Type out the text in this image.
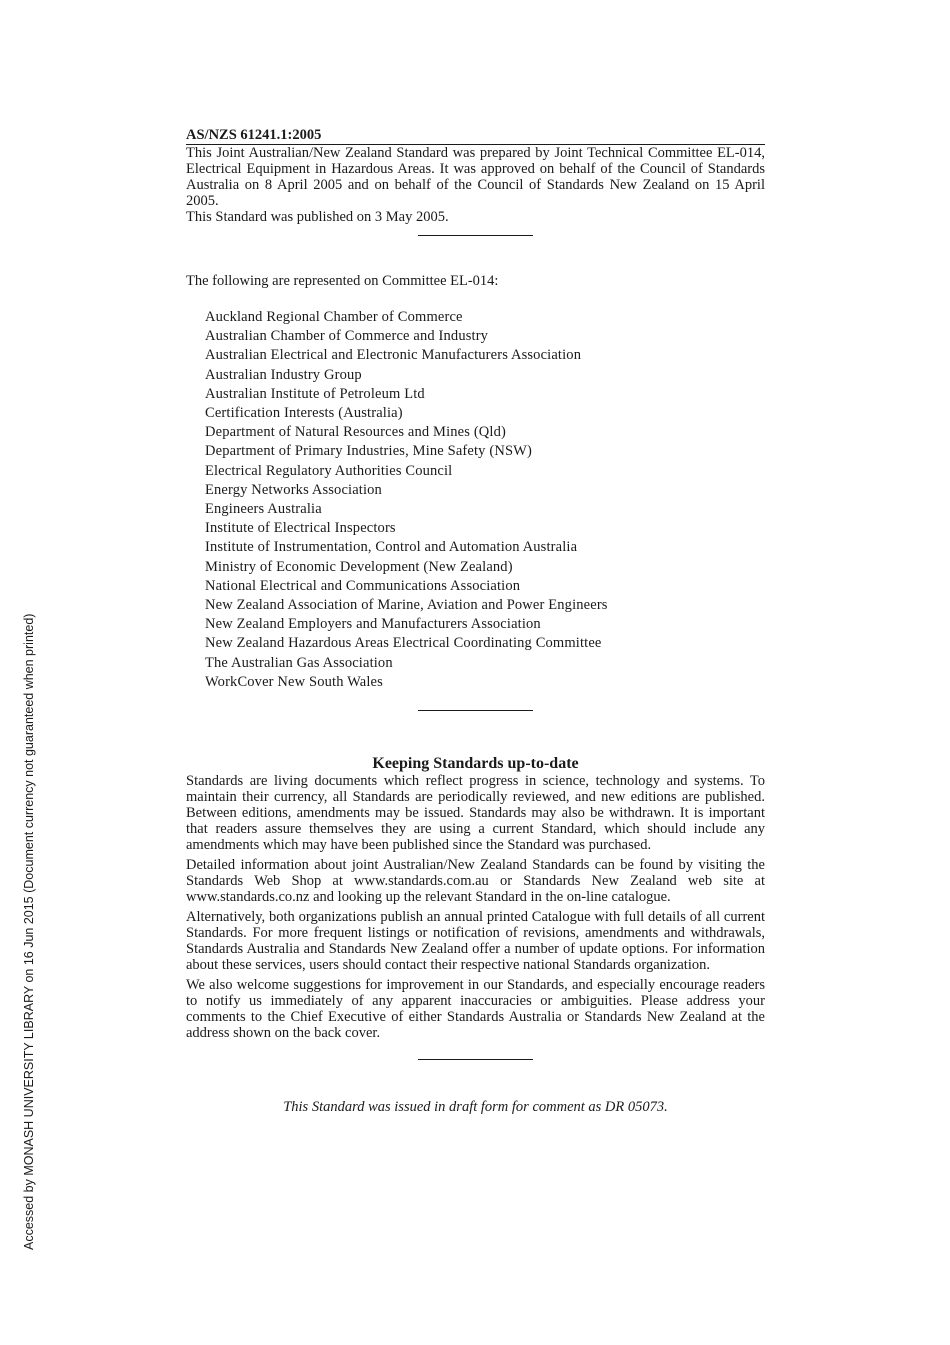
Accessed by MONASH UNIVERSITY LIBRARY on 16 Jun 2015 (Document currency not guaranteed when printed)
AS/NZS 61241.1:2005

This Joint Australian/New Zealand Standard was prepared by Joint Technical Committee EL-014, Electrical Equipment in Hazardous Areas. It was approved on behalf of the Council of Standards Australia on 8 April 2005 and on behalf of the Council of Standards New Zealand on 15 April 2005.

This Standard was published on 3 May 2005.

The following are represented on Committee EL-014:
Auckland Regional Chamber of Commerce
Australian Chamber of Commerce and Industry
Australian Electrical and Electronic Manufacturers Association
Australian Industry Group
Australian Institute of Petroleum Ltd
Certification Interests (Australia)
Department of Natural Resources and Mines (Qld)
Department of Primary Industries, Mine Safety (NSW)
Electrical Regulatory Authorities Council
Energy Networks Association
Engineers Australia
Institute of Electrical Inspectors
Institute of Instrumentation, Control and Automation Australia
Ministry of Economic Development (New Zealand)
National Electrical and Communications Association
New Zealand Association of Marine, Aviation and Power Engineers
New Zealand Employers and Manufacturers Association
New Zealand Hazardous Areas Electrical Coordinating Committee
The Australian Gas Association
WorkCover New South Wales
Keeping Standards up-to-date

Standards are living documents which reflect progress in science, technology and systems. To maintain their currency, all Standards are periodically reviewed, and new editions are published. Between editions, amendments may be issued. Standards may also be withdrawn. It is important that readers assure themselves they are using a current Standard, which should include any amendments which may have been published since the Standard was purchased.

Detailed information about joint Australian/New Zealand Standards can be found by visiting the Standards Web Shop at www.standards.com.au or Standards New Zealand web site at www.standards.co.nz and looking up the relevant Standard in the on-line catalogue.

Alternatively, both organizations publish an annual printed Catalogue with full details of all current Standards. For more frequent listings or notification of revisions, amendments and withdrawals, Standards Australia and Standards New Zealand offer a number of update options. For information about these services, users should contact their respective national Standards organization.

We also welcome suggestions for improvement in our Standards, and especially encourage readers to notify us immediately of any apparent inaccuracies or ambiguities. Please address your comments to the Chief Executive of either Standards Australia or Standards New Zealand at the address shown on the back cover.

This Standard was issued in draft form for comment as DR 05073.
